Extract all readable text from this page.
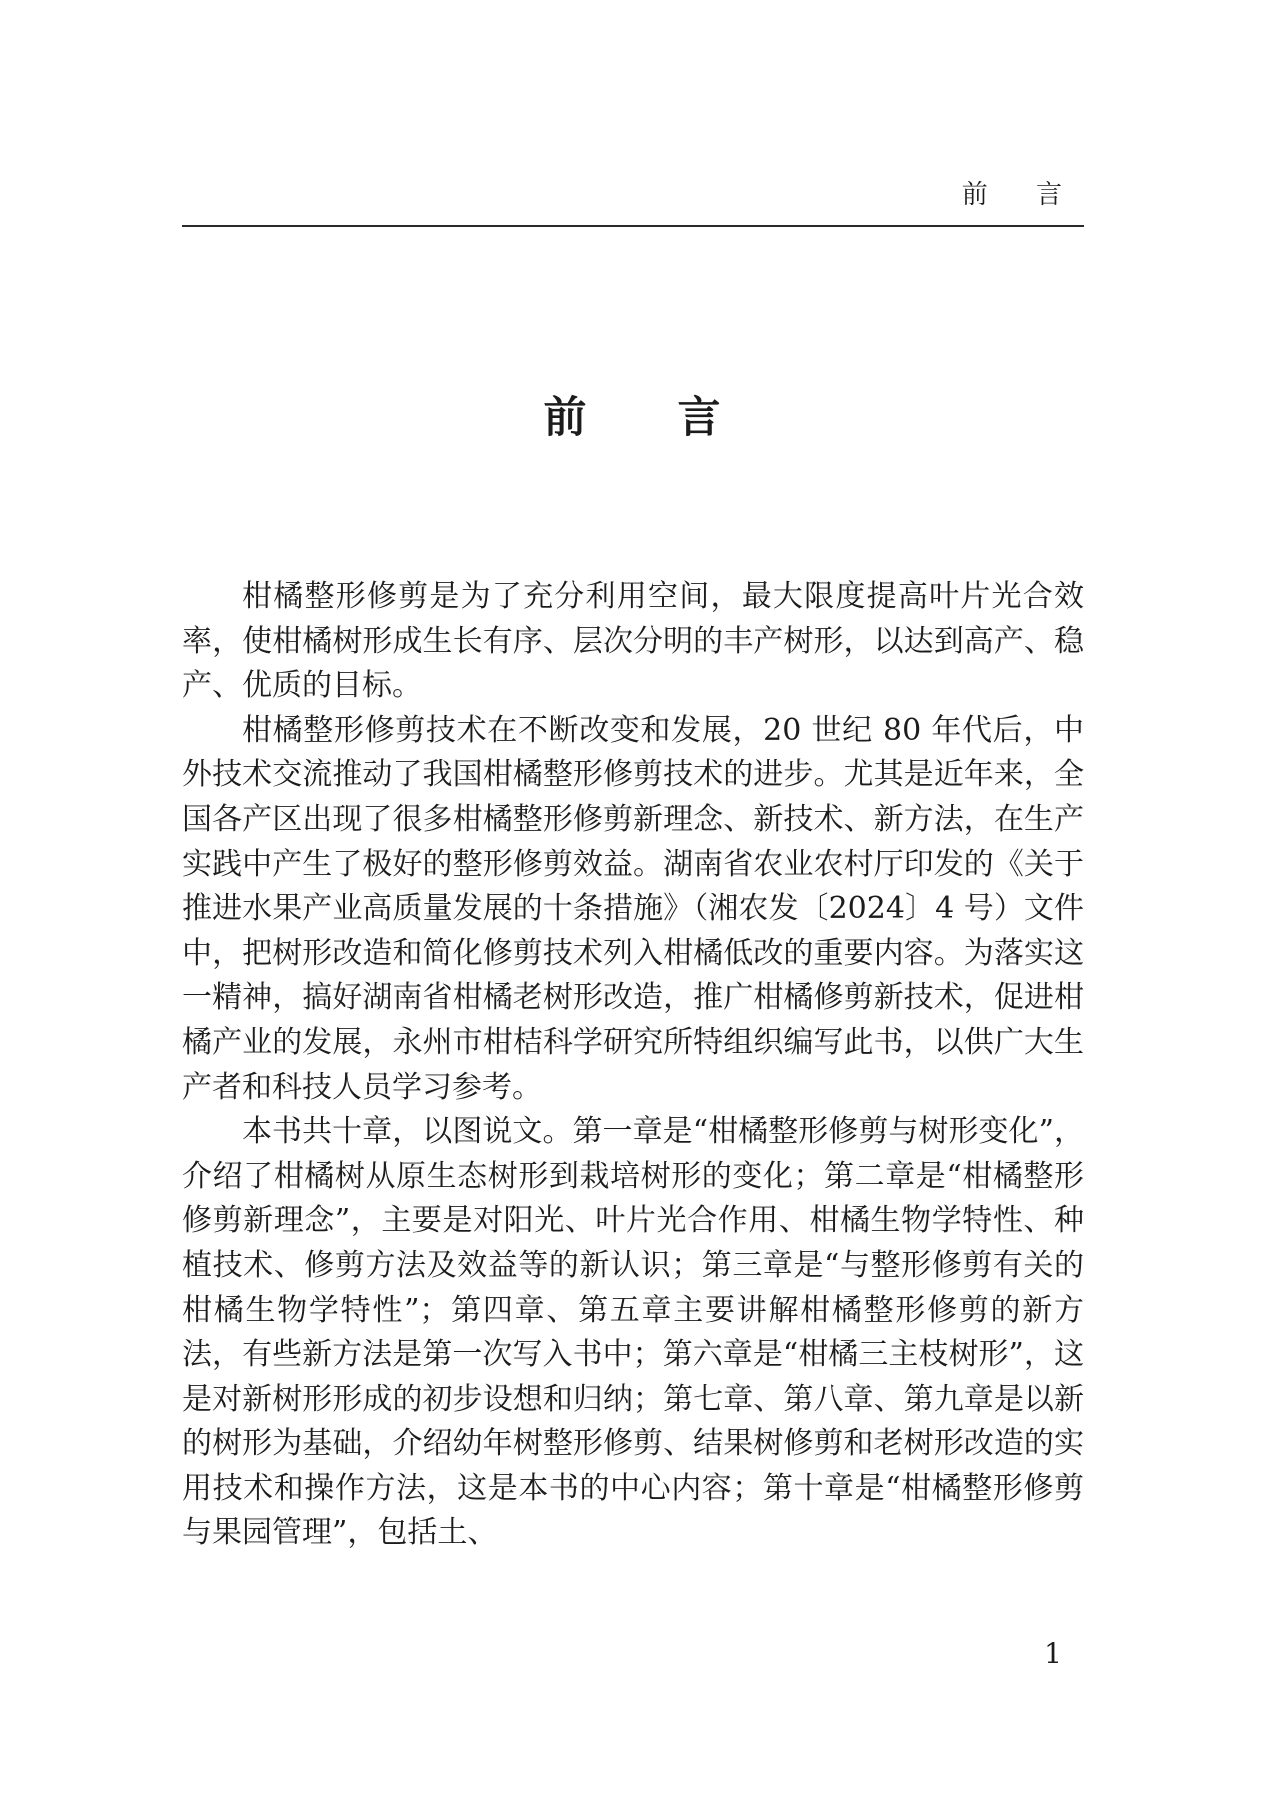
前 言
前 言

柑橘整形修剪是为了充分利用空间，最大限度提高叶片光合效率，使柑橘树形成生长有序、层次分明的丰产树形，以达到高产、稳产、优质的目标。

柑橘整形修剪技术在不断改变和发展，20 世纪 80 年代后，中外技术交流推动了我国柑橘整形修剪技术的进步。尤其是近年来，全国各产区出现了很多柑橘整形修剪新理念、新技术、新方法，在生产实践中产生了极好的整形修剪效益。湖南省农业农村厅印发的《关于推进水果产业高质量发展的十条措施》（湘农发〔2024〕4 号）文件中，把树形改造和简化修剪技术列入柑橘低改的重要内容。为落实这一精神，搞好湖南省柑橘老树形改造，推广柑橘修剪新技术，促进柑橘产业的发展，永州市柑桔科学研究所特组织编写此书，以供广大生产者和科技人员学习参考。

本书共十章，以图说文。第一章是“柑橘整形修剪与树形变化”，介绍了柑橘树从原生态树形到栽培树形的变化；第二章是“柑橘整形修剪新理念”，主要是对阳光、叶片光合作用、柑橘生物学特性、种植技术、修剪方法及效益等的新认识；第三章是“与整形修剪有关的柑橘生物学特性”；第四章、第五章主要讲解柑橘整形修剪的新方法，有些新方法是第一次写入书中；第六章是“柑橘三主枝树形”，这是对新树形形成的初步设想和归纳；第七章、第八章、第九章是以新的树形为基础，介绍幼年树整形修剪、结果树修剪和老树形改造的实用技术和操作方法，这是本书的中心内容；第十章是“柑橘整形修剪与果园管理”，包括土、

1
